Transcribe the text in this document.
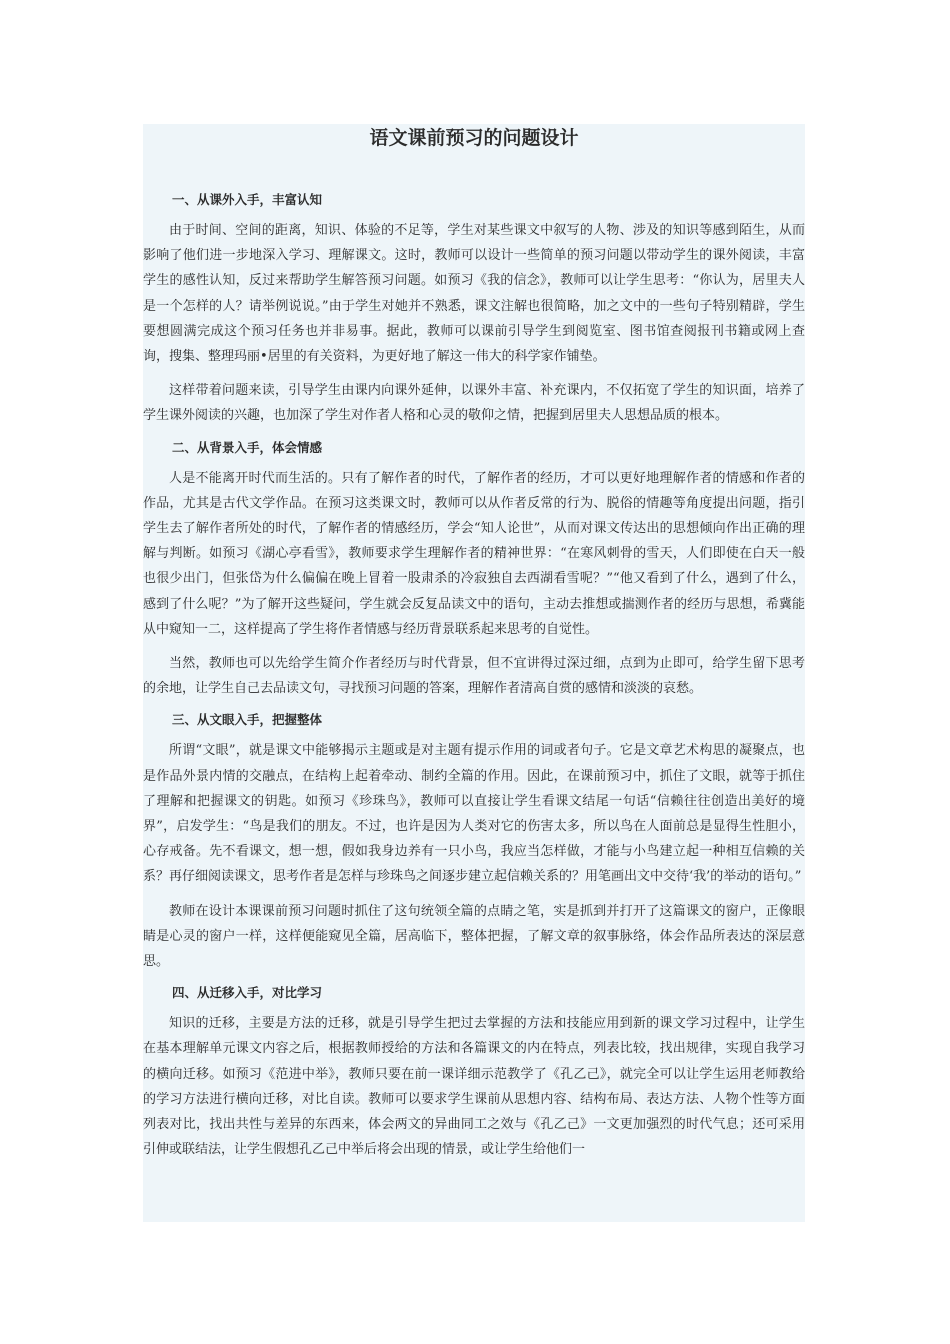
语文课前预习的问题设计
一、从课外入手，丰富认知

由于时间、空间的距离，知识、体验的不足等，学生对某些课文中叙写的人物、涉及的知识等感到陌生，从而影响了他们进一步地深入学习、理解课文。这时，教师可以设计一些简单的预习问题以带动学生的课外阅读，丰富学生的感性认知，反过来帮助学生解答预习问题。如预习《我的信念》，教师可以让学生思考：“你认为，居里夫人是一个怎样的人？请举例说说。”由于学生对她并不熟悉，课文注解也很简略，加之文中的一些句子特别精辟，学生要想圆满完成这个预习任务也并非易事。据此，教师可以课前引导学生到阅览室、图书馆查阅报刊书籍或网上查询，搜集、整理玛丽•居里的有关资料，为更好地了解这一伟大的科学家作铺垫。

这样带着问题来读，引导学生由课内向课外延伸，以课外丰富、补充课内，不仅拓宽了学生的知识面，培养了学生课外阅读的兴趣，也加深了学生对作者人格和心灵的敬仰之情，把握到居里夫人思想品质的根本。

二、从背景入手，体会情感

人是不能离开时代而生活的。只有了解作者的时代，了解作者的经历，才可以更好地理解作者的情感和作者的作品，尤其是古代文学作品。在预习这类课文时，教师可以从作者反常的行为、脱俗的情趣等角度提出问题，指引学生去了解作者所处的时代，了解作者的情感经历，学会“知人论世”，从而对课文传达出的思想倾向作出正确的理解与判断。如预习《湖心亭看雪》，教师要求学生理解作者的精神世界：“在寒风刺骨的雪天，人们即使在白天一般也很少出门，但张岱为什么偏偏在晚上冒着一股肃杀的冷寂独自去西湖看雪呢？”“他又看到了什么，遇到了什么，感到了什么呢？”为了解开这些疑问，学生就会反复品读文中的语句，主动去推想或揣测作者的经历与思想，希冀能从中窥知一二，这样提高了学生将作者情感与经历背景联系起来思考的自觉性。

当然，教师也可以先给学生简介作者经历与时代背景，但不宜讲得过深过细，点到为止即可，给学生留下思考的余地，让学生自己去品读文句，寻找预习问题的答案，理解作者清高自赏的感情和淡淡的哀愁。

三、从文眼入手，把握整体

所谓“文眼”，就是课文中能够揭示主题或是对主题有提示作用的词或者句子。它是文章艺术构思的凝聚点，也是作品外景内情的交融点，在结构上起着牵动、制约全篇的作用。因此，在课前预习中，抓住了文眼，就等于抓住了理解和把握课文的钥匙。如预习《珍珠鸟》，教师可以直接让学生看课文结尾一句话“信赖往往创造出美好的境界”，启发学生：“鸟是我们的朋友。不过，也许是因为人类对它的伤害太多，所以鸟在人面前总是显得生性胆小，心存戒备。先不看课文，想一想，假如我身边养有一只小鸟，我应当怎样做，才能与小鸟建立起一种相互信赖的关系？再仔细阅读课文，思考作者是怎样与珍珠鸟之间逐步建立起信赖关系的？用笔画出文中交待‘我’的举动的语句。”

教师在设计本课课前预习问题时抓住了这句统领全篇的点睛之笔，实是抓到并打开了这篇课文的窗户，正像眼睛是心灵的窗户一样，这样便能窥见全篇，居高临下，整体把握，了解文章的叙事脉络，体会作品所表达的深层意思。

四、从迁移入手，对比学习

知识的迁移，主要是方法的迁移，就是引导学生把过去掌握的方法和技能应用到新的课文学习过程中，让学生在基本理解单元课文内容之后，根据教师授给的方法和各篇课文的内在特点，列表比较，找出规律，实现自我学习的横向迁移。如预习《范进中举》，教师只要在前一课详细示范教学了《孔乙己》，就完全可以让学生运用老师教给的学习方法进行横向迁移，对比自读。教师可以要求学生课前从思想内容、结构布局、表达方法、人物个性等方面列表对比，找出共性与差异的东西来，体会两文的异曲同工之效与《孔乙己》一文更加强烈的时代气息；还可采用引伸或联结法，让学生假想孔乙己中举后将会出现的情景，或让学生给他们一
